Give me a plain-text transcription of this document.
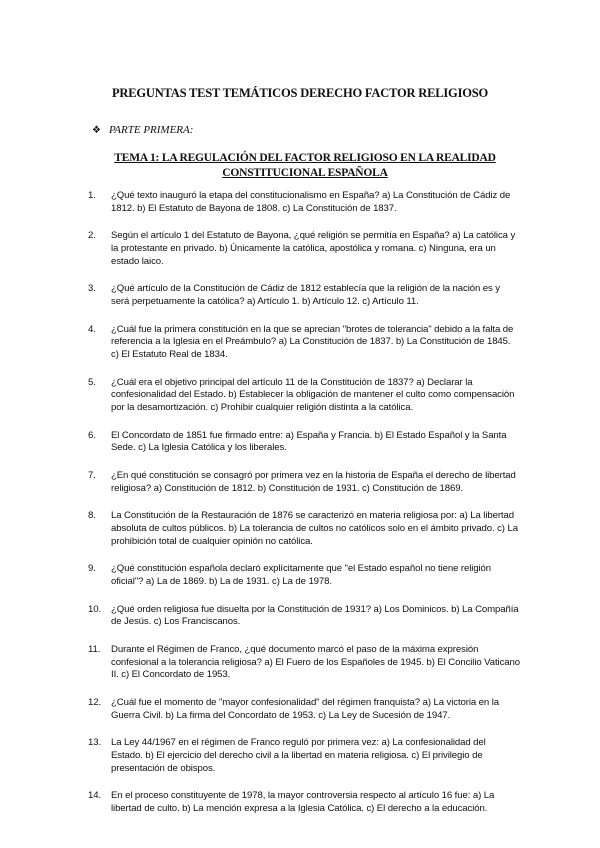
PREGUNTAS TEST TEMÁTICOS DERECHO FACTOR RELIGIOSO
❖ PARTE PRIMERA:
TEMA 1: LA REGULACIÓN DEL FACTOR RELIGIOSO EN LA REALIDAD CONSTITUCIONAL ESPAÑOLA
1. ¿Qué texto inauguró la etapa del constitucionalismo en España? a) La Constitución de Cádiz de 1812. b) El Estatuto de Bayona de 1808. c) La Constitución de 1837.
2. Según el artículo 1 del Estatuto de Bayona, ¿qué religión se permitía en España? a) La católica y la protestante en privado. b) Únicamente la católica, apostólica y romana. c) Ninguna, era un estado laico.
3. ¿Qué artículo de la Constitución de Cádiz de 1812 establecía que la religión de la nación es y será perpetuamente la católica? a) Artículo 1. b) Artículo 12. c) Artículo 11.
4. ¿Cuál fue la primera constitución en la que se aprecian "brotes de tolerancia" debido a la falta de referencia a la Iglesia en el Preámbulo? a) La Constitución de 1837. b) La Constitución de 1845. c) El Estatuto Real de 1834.
5. ¿Cuál era el objetivo principal del artículo 11 de la Constitución de 1837? a) Declarar la confesionalidad del Estado. b) Establecer la obligación de mantener el culto como compensación por la desamortización. c) Prohibir cualquier religión distinta a la católica.
6. El Concordato de 1851 fue firmado entre: a) España y Francia. b) El Estado Español y la Santa Sede. c) La Iglesia Católica y los liberales.
7. ¿En qué constitución se consagró por primera vez en la historia de España el derecho de libertad religiosa? a) Constitución de 1812. b) Constitución de 1931. c) Constitución de 1869.
8. La Constitución de la Restauración de 1876 se caracterizó en materia religiosa por: a) La libertad absoluta de cultos públicos. b) La tolerancia de cultos no católicos solo en el ámbito privado. c) La prohibición total de cualquier opinión no católica.
9. ¿Qué constitución española declaró explícitamente que "el Estado español no tiene religión oficial"? a) La de 1869. b) La de 1931. c) La de 1978.
10. ¿Qué orden religiosa fue disuelta por la Constitución de 1931? a) Los Dominicos. b) La Compañía de Jesús. c) Los Franciscanos.
11. Durante el Régimen de Franco, ¿qué documento marcó el paso de la máxima expresión confesional a la tolerancia religiosa? a) El Fuero de los Españoles de 1945. b) El Concilio Vaticano II. c) El Concordato de 1953.
12. ¿Cuál fue el momento de "mayor confesionalidad" del régimen franquista? a) La victoria en la Guerra Civil. b) La firma del Concordato de 1953. c) La Ley de Sucesión de 1947.
13. La Ley 44/1967 en el régimen de Franco reguló por primera vez: a) La confesionalidad del Estado. b) El ejercicio del derecho civil a la libertad en materia religiosa. c) El privilegio de presentación de obispos.
14. En el proceso constituyente de 1978, la mayor controversia respecto al artículo 16 fue: a) La libertad de culto. b) La mención expresa a la Iglesia Católica. c) El derecho a la educación.
